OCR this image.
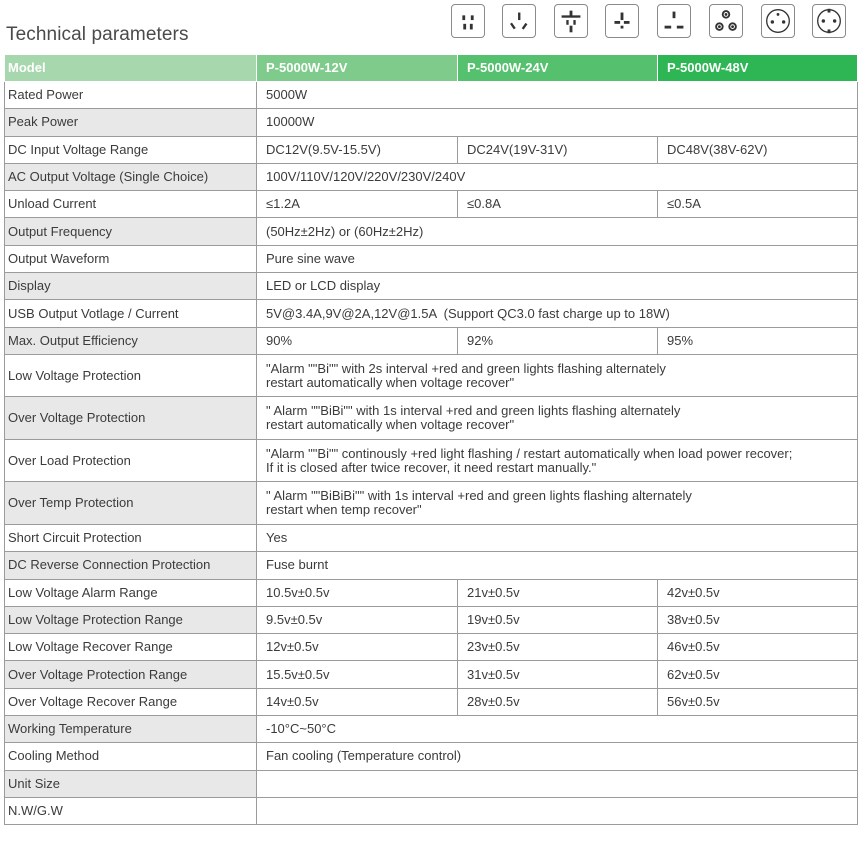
Technical parameters
Model	P-5000W-12V	P-5000W-24V	P-5000W-48V
Rated Power	5000W		
Peak Power	10000W		
DC Input Voltage Range	DC12V(9.5V-15.5V)	DC24V(19V-31V)	DC48V(38V-62V)
AC Output Voltage (Single Choice)	100V/110V/120V/220V/230V/240V		
Unload Current	≤1.2A	≤0.8A	≤0.5A
Output Frequency	(50Hz±2Hz) or (60Hz±2Hz)		
Output Waveform	Pure sine wave		
Display	LED or LCD display		
USB Output Votlage / Current	5V@3.4A,9V@2A,12V@1.5A  (Support QC3.0 fast charge up to 18W)		
Max. Output Efficiency	90%	92%	95%
Low Voltage Protection	"Alarm ""Bi"" with 2s interval +red and green lights flashing alternately
restart automatically when voltage recover"		

Over Voltage Protection	" Alarm ""BiBi"" with 1s interval +red and green lights flashing alternately
restart automatically when voltage recover"		

Over Load Protection	"Alarm ""Bi"" continously +red light flashing / restart automatically when load power recover;
If it is closed after twice recover, it need restart manually."		

Over Temp Protection	" Alarm ""BiBiBi"" with 1s interval +red and green lights flashing alternately
restart when temp recover"		

Short Circuit Protection	Yes		
DC Reverse Connection Protection	Fuse burnt		
Low Voltage Alarm Range	10.5v±0.5v	21v±0.5v	42v±0.5v
Low Voltage Protection Range	9.5v±0.5v	19v±0.5v	38v±0.5v
Low Voltage Recover Range	12v±0.5v	23v±0.5v	46v±0.5v
Over Voltage Protection Range	15.5v±0.5v	31v±0.5v	62v±0.5v
Over Voltage Recover Range	14v±0.5v	28v±0.5v	56v±0.5v
Working Temperature	-10°C~50°C		
Cooling Method	Fan cooling (Temperature control)		
Unit Size			
N.W/G.W			
